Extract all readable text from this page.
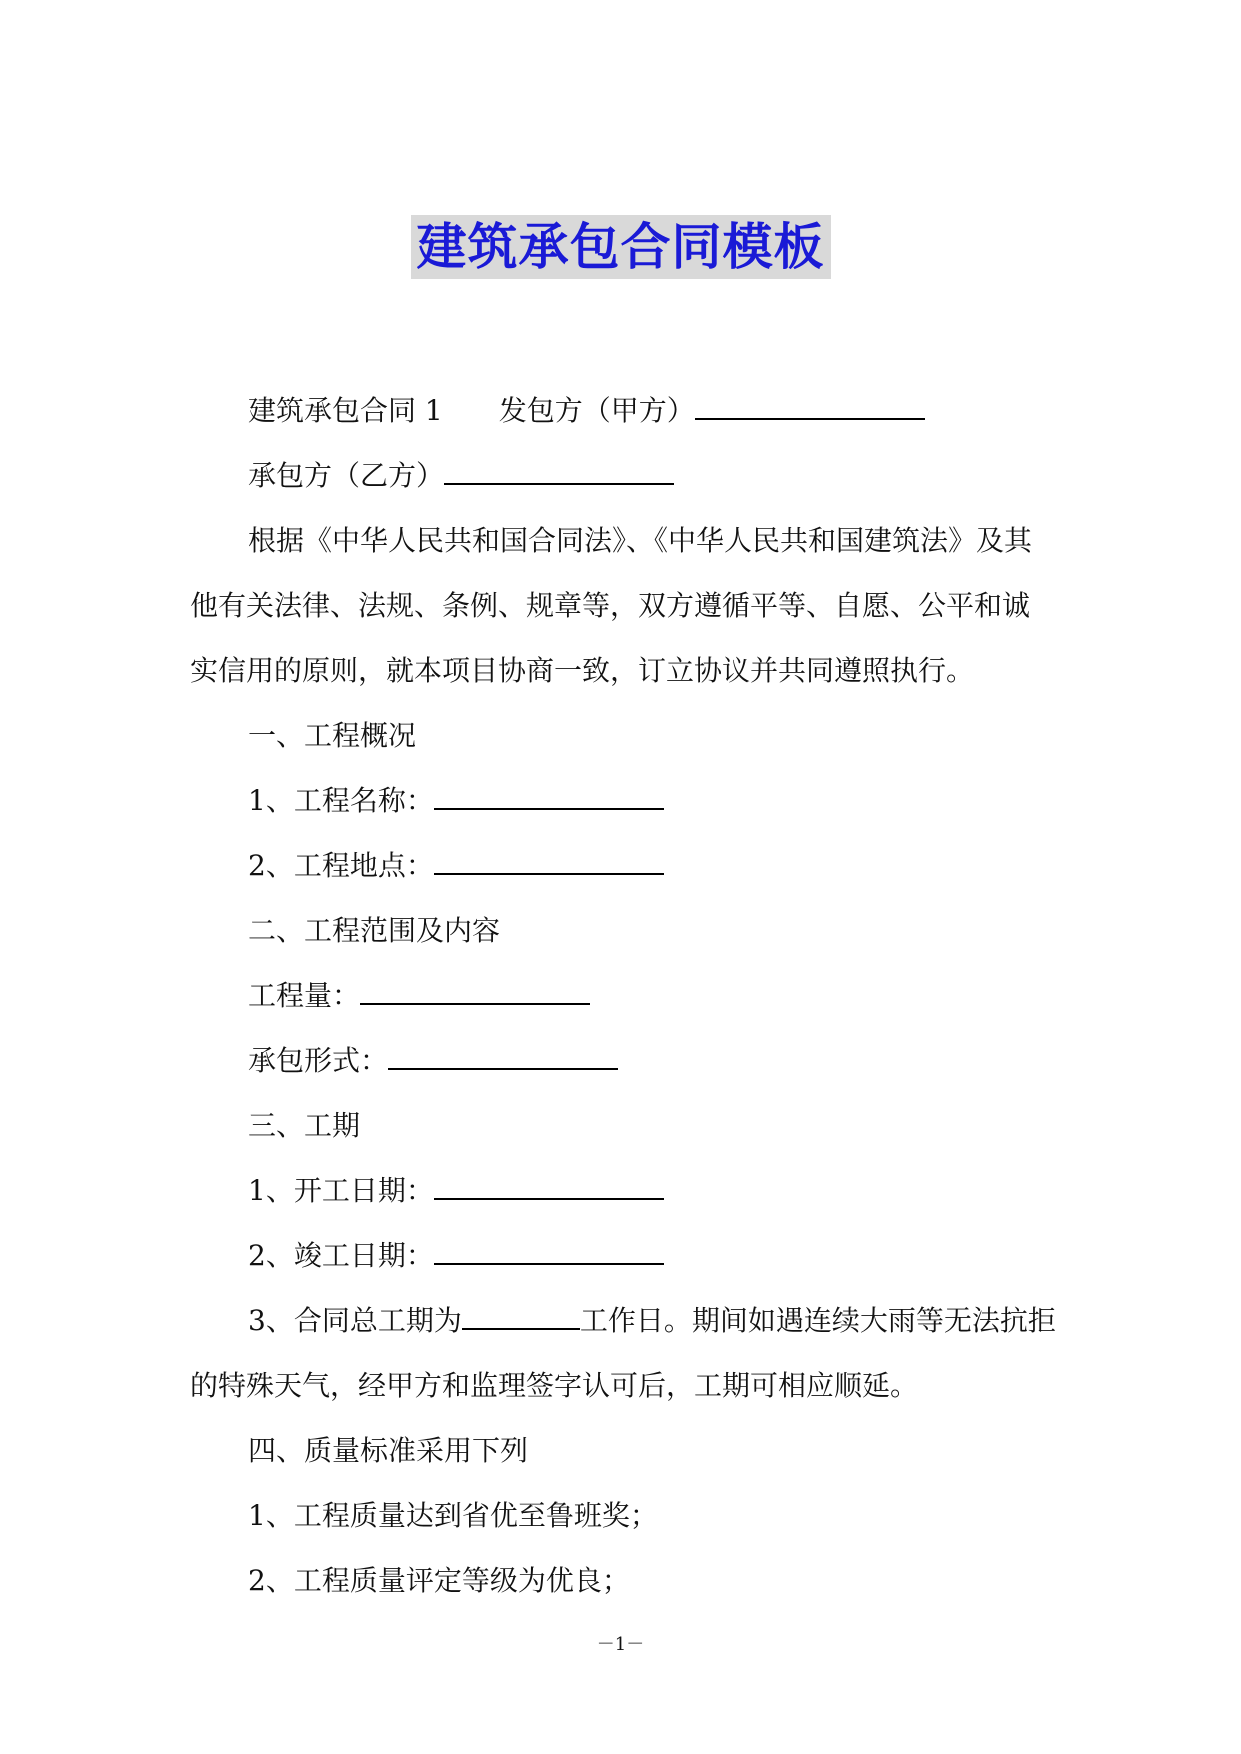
建筑承包合同模板

建筑承包合同 1 发包方（甲方）

承包方（乙方）

根据《中华人民共和国合同法》、《中华人民共和国建筑法》及其他有关法律、法规、条例、规章等，双方遵循平等、自愿、公平和诚实信用的原则，就本项目协商一致，订立协议并共同遵照执行。

一、工程概况

1、工程名称：

2、工程地点：

二、工程范围及内容

工程量：

承包形式：

三、工期

1、开工日期：

2、竣工日期：

3、合同总工期为	工作日。期间如遇连续大雨等无法抗拒的特殊天气，经甲方和监理签字认可后，工期可相应顺延。

四、质量标准采用下列

1、工程质量达到省优至鲁班奖；

2、工程质量评定等级为优良；

－1－
